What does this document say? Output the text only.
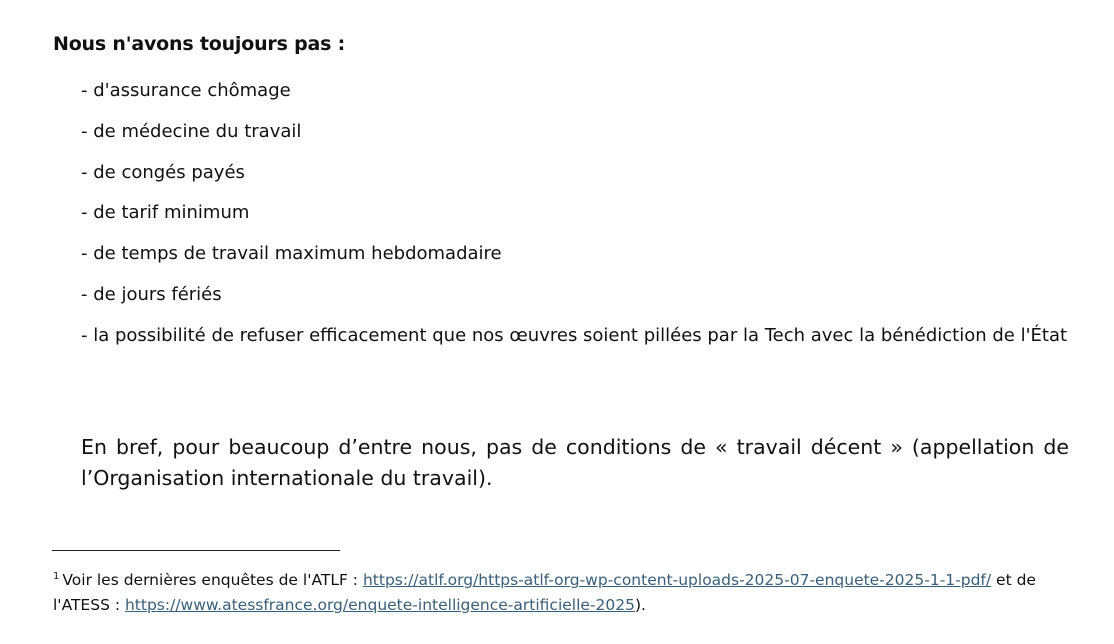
Nous n'avons toujours pas :
- d'assurance chômage
- de médecine du travail
- de congés payés
- de tarif minimum
- de temps de travail maximum hebdomadaire
- de jours fériés
- la possibilité de refuser efficacement que nos œuvres soient pillées par la Tech avec la bénédiction de l'État

En bref, pour beaucoup d’entre nous, pas de conditions de « travail décent » (appellation de l’Organisation internationale du travail).

$^1$ Voir les dernières enquêtes de l'ATLF : https://atlf.org/https-atlf-org-wp-content-uploads-2025-07-enquete-2025-1-1-pdf/ et de l'ATESS : https://www.atessfrance.org/enquete-intelligence-artificielle-2025).
